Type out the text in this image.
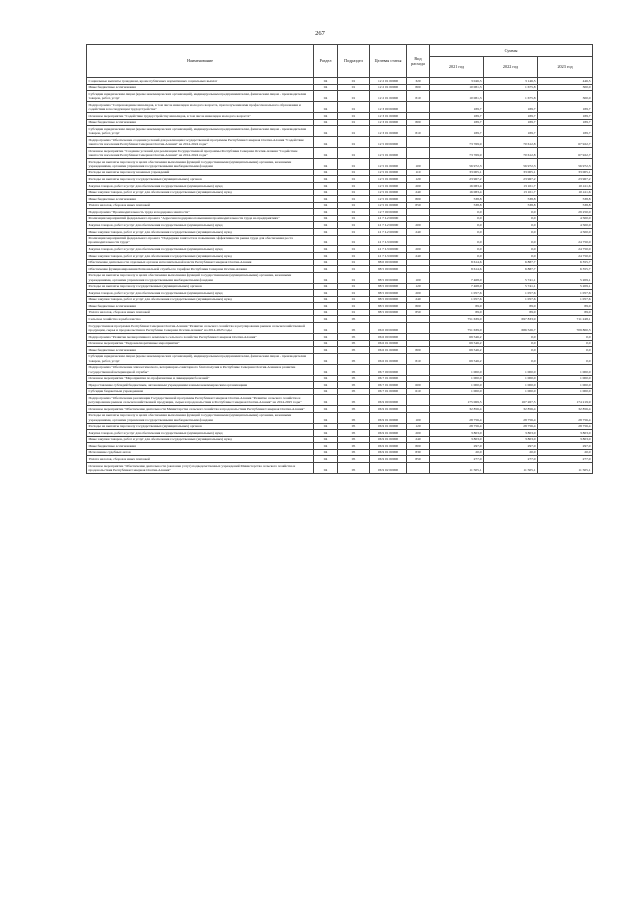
267
Наименование	Раздел	Подраздел	Целевая статья	Вид расхода	Суммы		
					2021 год	2022 год	2023 год
Социальные выплаты гражданам, кроме публичных нормативных социальных выплат	04	01	12 2 01 00000	320	3 046,5	3 146,5	446,5
Иные бюджетные ассигнования	04	01	12 2 01 00000	800	10 081,3	1 675,8	300,0
Субсидии юридическим лицам (кроме некоммерческих организаций), индивидуальным предпринимателям, физическим лицам - производителям товаров, работ, услуг	04	01	12 2 01 00000	810	10 081,3	1 675,8	300,0
Подпрограмма "Сопровождение инвалидов, в том числе инвалидов молодого возраста, при получении ими профессионального образования и содействия в последующем трудоустройстве"	04	01	12 3 00 00000		189,7	189,7	189,7
Основное мероприятие "Содействие трудоустройству инвалидов, в том числе инвалидов молодого возраста"	04	01	12 3 01 00000		189,7	189,7	189,7
Иные бюджетные ассигнования	04	01	12 3 01 00000	800	189,7	189,7	189,7
Субсидии юридическим лицам (кроме некоммерческих организаций), индивидуальным предпринимателям, физическим лицам - производителям товаров, работ, услуг	04	01	12 3 01 00000	810	189,7	189,7	189,7
Подпрограмма "Обеспечение создания условий для реализации государственной программы Республики Северная Осетия-Алания "Содействие занятости населения Республики Северная Осетия-Алания" на 2014-2024 годы"	04	01	12 5 00 00000		73 769,9	70 612,8	67 922,7
Основное мероприятие "Создание условий для реализации Государственной программы Республики Северная Осетия-Алания "Содействие занятости населения Республики Северная Осетия-Алания" на 2014-2024 годы"	04	01	12 5 01 00000		73 769,9	70 612,8	67 922,7
Расходы на выплаты персоналу в целях обеспечения выполнения функций государственными (муниципальными) органами, казенными учреждениями, органами управления государственными внебюджетными фондами	04	01	12 5 01 00000	100	56 972,3	56 972,3	56 972,3
Расходы на выплаты персоналу казенных учреждений	04	01	12 5 01 00000	110	33 005,1	33 005,1	33 005,1
Расходы на выплаты персоналу государственных (муниципальных) органов	04	01	12 5 01 00000	120	23 967,2	23 967,2	23 967,2
Закупка товаров, работ и услуг для обеспечения государственных (муниципальных) нужд	04	01	12 5 01 00000	200	16 083,4	13 101,7	10 411,6
Иные закупки товаров, работ и услуг для обеспечения государственных (муниципальных) нужд	04	01	12 5 01 00000	240	16 083,4	13 101,7	10 411,6
Иные бюджетные ассигнования	04	01	12 5 01 00000	800	538,8	538,8	538,8
Уплата налогов, сборов и иных платежей	04	01	12 5 01 00000	850	538,8	538,8	538,8
Подпрограмма "Производительность труда и поддержка занятости"	04	01	12 7 00 00000		0,0	0,0	29 250,0
Реализация мероприятий федерального проекта "Адресная поддержка повышения производительности труда на предприятиях"	04	01	12 7 L2 00000		0,0	0,0	4 500,0
Закупка товаров, работ и услуг для обеспечения государственных (муниципальных) нужд	04	01	12 7 L2 00000	200	0,0	0,0	4 500,0
Иные закупки товаров, работ и услуг для обеспечения государственных (муниципальных) нужд	04	01	12 7 L2 00000	240	0,0	0,0	4 500,0
Реализация мероприятий федерального проекта "Поддержка занятости и повышение эффективности рынка труда для обеспечения роста производительности труда"	04	01	12 7 L3 00000		0,0	0,0	24 750,0
Закупка товаров, работ и услуг для обеспечения государственных (муниципальных) нужд	04	01	12 7 L3 00000	200	0,0	0,0	24 750,0
Иные закупки товаров, работ и услуг для обеспечения государственных (муниципальных) нужд	04	01	12 7 L3 00000	240	0,0	0,0	24 750,0
Обеспечение деятельности отдельных органов исполнительной власти Республики Северная Осетия-Алания	04	01	88 0 00 00000		8 614,6	6 887,7	6 355,7
Обеспечение функционирования Региональной службы по тарифам Республики Северная Осетия-Алания	04	01	88 5 00 00000		8 614,6	6 887,7	6 355,7
Расходы на выплаты персоналу в целях обеспечения выполнения функций государственными (муниципальными) органами, казенными учреждениями, органами управления государственными внебюджетными фондами	04	01	88 5 00 00000	100	7 468,0	5 741,1	5 209,1
Расходы на выплаты персоналу государственных (муниципальных) органов	04	01	88 5 00 00000	120	7 468,0	5 741,1	5 209,1
Закупка товаров, работ и услуг для обеспечения государственных (муниципальных) нужд	04	01	88 5 00 00000	200	1 057,6	1 057,6	1 057,6
Иные закупки товаров, работ и услуг для обеспечения государственных (муниципальных) нужд	04	01	88 5 00 00000	240	1 057,6	1 057,6	1 057,6
Иные бюджетные ассигнования	04	01	88 5 00 00000	800	89,0	89,0	89,0
Уплата налогов, сборов и иных платежей	04	01	88 5 00 00000	850	89,0	89,0	89,0
Сельское хозяйство и рыболовство	04	05			751 639,0	697 833,9	711 248,1
Государственная программа Республики Северная Осетия-Алания "Развитие сельского хозяйства и регулирование рынков сельскохозяйственной продукции, сырья и продовольствия в Республике Северная Осетия-Алания" на 2014-2025 годы	04	05	06 0 00 00000		751 639,0	686 526,7	709 800,3
Подпрограмма "Развитие мелиоративного комплекса сельского хозяйства Республики Северная Осетия-Алания"	04	05	06 6 00 00000		69 546,2	0,0	0,0
Основное мероприятие "Гидромелиоративные мероприятия"	04	05	06 6 01 00000		69 546,2	0,0	0,0
Иные бюджетные ассигнования	04	05	06 6 01 00000	800	69 546,2	0,0	0,0
Субсидии юридическим лицам (кроме некоммерческих организаций), индивидуальным предпринимателям, физическим лицам - производителям товаров, работ, услуг	04	05	06 6 01 00000	810	69 546,2	0,0	0,0
Подпрограмма "Обеспечение эпизоотического, ветеринарно-санитарного благополучия в Республике Северная Осетия-Алания и развитие государственной ветеринарной службы"	04	05	06 7 00 00000		1 000,0	1 000,0	1 000,0
Основное мероприятие "Мероприятия по профилактике и ликвидации болезней"	04	05	06 7 01 00000		1 000,0	1 000,0	1 000,0
Предоставление субсидий бюджетным, автономным учреждениям и иным некоммерческим организациям	04	05	06 7 01 00000	600	1 000,0	1 000,0	1 000,0
Субсидии бюджетным учреждениям	04	05	06 7 01 00000	610	1 000,0	1 000,0	1 000,0
Подпрограмма "Обеспечение реализации Государственной программы Республики Северная Осетия-Алания "Развитие сельского хозяйства и регулирование рынков сельскохозяйственной продукции, сырья и продовольствия в Республике Северная Осетия-Алания" на 2014-2025 годы"	04	05	06 9 00 00000		175 069,5	167 267,5	174 219,9
Основное мероприятие "Обеспечение деятельности Министерства сельского хозяйства и продовольствия Республики Северная Осетия-Алания"	04	05	06 9 01 00000		32 856,4	32 856,4	32 856,4
Расходы на выплаты персоналу в целях обеспечения выполнения функций государственными (муниципальными) органами, казенными учреждениями, органами управления государственными внебюджетными фондами	04	05	06 9 01 00000	100	28 756,4	28 756,4	28 756,4
Расходы на выплаты персоналу государственных (муниципальных) органов	04	05	06 9 01 00000	120	28 756,4	28 756,4	28 756,4
Закупка товаров, работ и услуг для обеспечения государственных (муниципальных) нужд	04	05	06 9 01 00000	200	3 803,0	3 803,0	3 803,0
Иные закупки товаров, работ и услуг для обеспечения государственных (муниципальных) нужд	04	05	06 9 01 00000	240	3 803,0	3 803,0	3 803,0
Иные бюджетные ассигнования	04	05	06 9 01 00000	800	297,0	297,0	297,0
Исполнение судебных актов	04	05	06 9 01 00000	830	20,0	20,0	20,0
Уплата налогов, сборов и иных платежей	04	05	06 9 01 00000	850	277,0	277,0	277,0
Основное мероприятие "Обеспечение деятельности (оказание услуг) подведомственных учреждений Министерства сельского хозяйства и продовольствия Республики Северная Осетия-Алания"	04	05	06 9 02 00000		11 505,1	11 505,1	11 505,1
